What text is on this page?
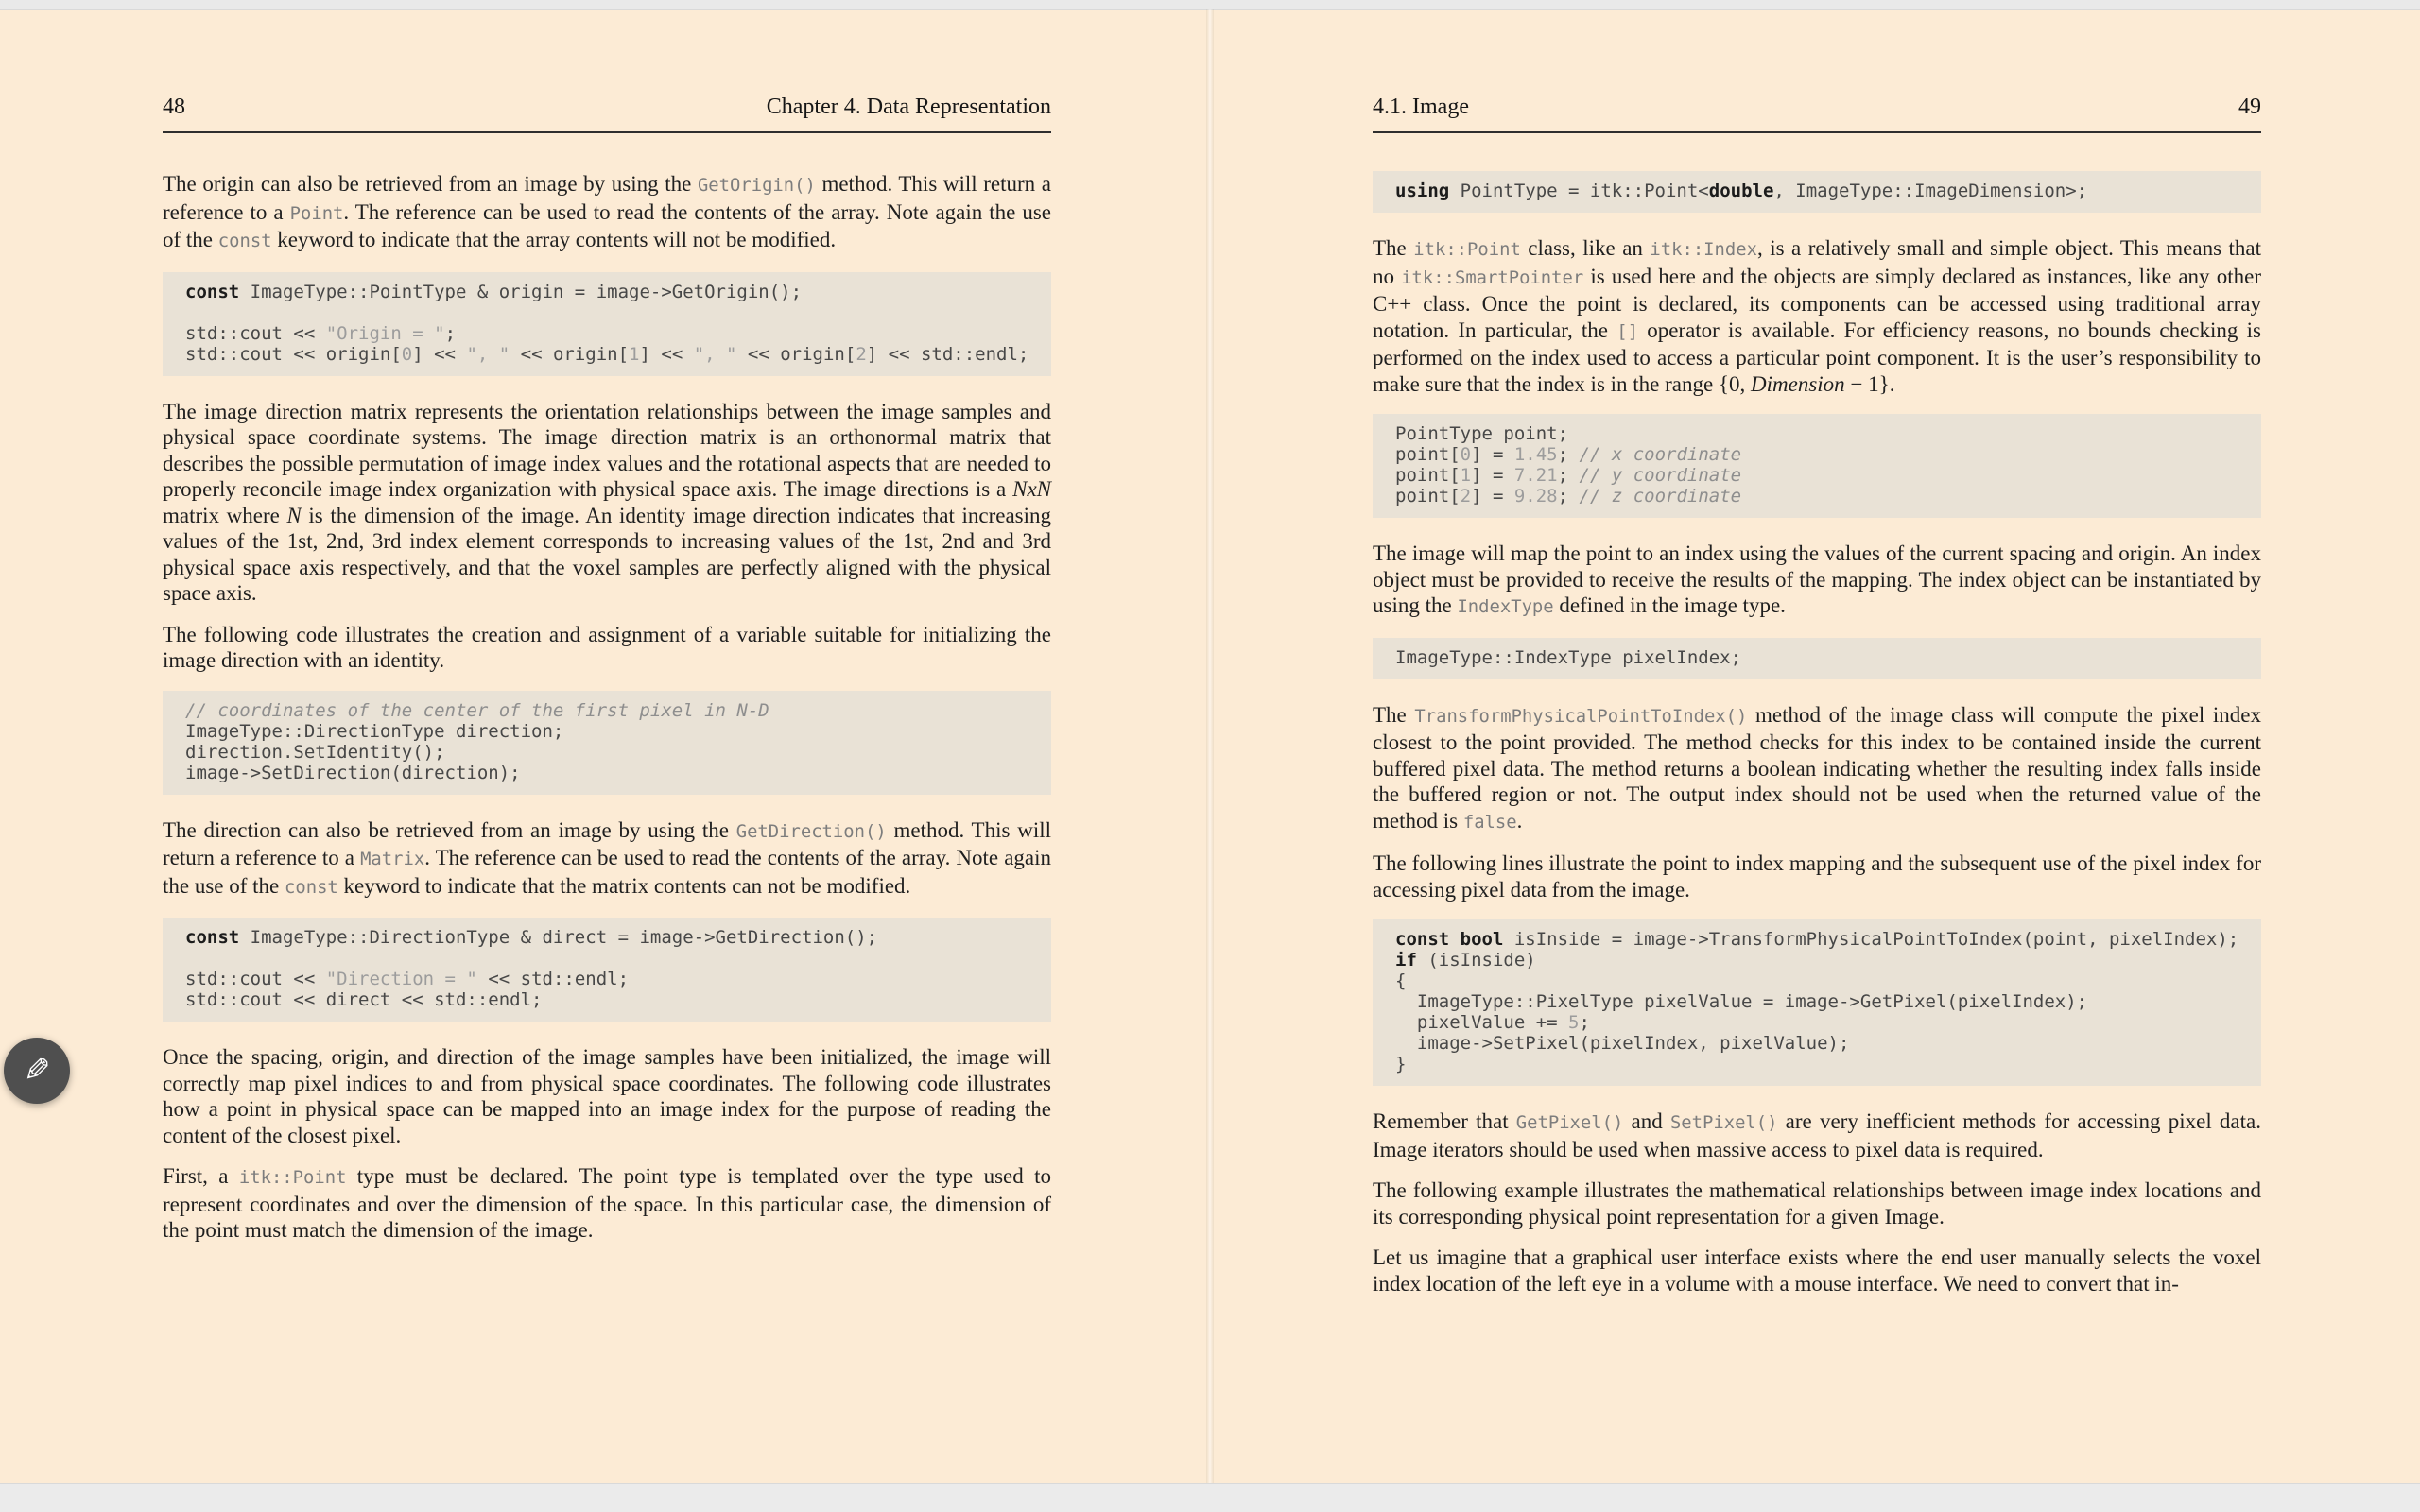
48	Chapter 4. Data Representation

The origin can also be retrieved from an image by using the GetOrigin() method. This will return a reference to a Point. The reference can be used to read the contents of the array. Note again the use of the const keyword to indicate that the array contents will not be modified.

const ImageType::PointType & origin = image->GetOrigin();

std::cout << "Origin = ";
std::cout << origin[0] << ", " << origin[1] << ", " << origin[2] << std::endl;

The image direction matrix represents the orientation relationships between the image samples and physical space coordinate systems. The image direction matrix is an orthonormal matrix that describes the possible permutation of image index values and the rotational aspects that are needed to properly reconcile image index organization with physical space axis. The image directions is a NxN matrix where N is the dimension of the image. An identity image direction indicates that increasing values of the 1st, 2nd, 3rd index element corresponds to increasing values of the 1st, 2nd and 3rd physical space axis respectively, and that the voxel samples are perfectly aligned with the physical space axis.

The following code illustrates the creation and assignment of a variable suitable for initializing the image direction with an identity.

// coordinates of the center of the first pixel in N-D
ImageType::DirectionType direction;
direction.SetIdentity();
image->SetDirection(direction);

The direction can also be retrieved from an image by using the GetDirection() method. This will return a reference to a Matrix. The reference can be used to read the contents of the array. Note again the use of the const keyword to indicate that the matrix contents can not be modified.

const ImageType::DirectionType & direct = image->GetDirection();

std::cout << "Direction = " << std::endl;
std::cout << direct << std::endl;

Once the spacing, origin, and direction of the image samples have been initialized, the image will correctly map pixel indices to and from physical space coordinates. The following code illustrates how a point in physical space can be mapped into an image index for the purpose of reading the content of the closest pixel.

First, a itk::Point type must be declared. The point type is templated over the type used to represent coordinates and over the dimension of the space. In this particular case, the dimension of the point must match the dimension of the image.

4.1. Image	49
using PointType = itk::Point<double, ImageType::ImageDimension>;

The itk::Point class, like an itk::Index, is a relatively small and simple object. This means that no itk::SmartPointer is used here and the objects are simply declared as instances, like any other C++ class. Once the point is declared, its components can be accessed using traditional array notation. In particular, the [] operator is available. For efficiency reasons, no bounds checking is performed on the index used to access a particular point component. It is the user’s responsibility to make sure that the index is in the range {0, Dimension − 1}.

PointType point;
point[0] = 1.45; // x coordinate
point[1] = 7.21; // y coordinate
point[2] = 9.28; // z coordinate

The image will map the point to an index using the values of the current spacing and origin. An index object must be provided to receive the results of the mapping. The index object can be instantiated by using the IndexType defined in the image type.

ImageType::IndexType pixelIndex;

The TransformPhysicalPointToIndex() method of the image class will compute the pixel index closest to the point provided. The method checks for this index to be contained inside the current buffered pixel data. The method returns a boolean indicating whether the resulting index falls inside the buffered region or not. The output index should not be used when the returned value of the method is false.

The following lines illustrate the point to index mapping and the subsequent use of the pixel index for accessing pixel data from the image.

const bool isInside = image->TransformPhysicalPointToIndex(point, pixelIndex);
if (isInside)
{
ImageType::PixelType pixelValue = image->GetPixel(pixelIndex);
pixelValue += 5;
image->SetPixel(pixelIndex, pixelValue);
}

Remember that GetPixel() and SetPixel() are very inefficient methods for accessing pixel data. Image iterators should be used when massive access to pixel data is required.

The following example illustrates the mathematical relationships between image index locations and its corresponding physical point representation for a given Image.

Let us imagine that a graphical user interface exists where the end user manually selects the voxel index location of the left eye in a volume with a mouse interface. We need to convert that in-

✎
